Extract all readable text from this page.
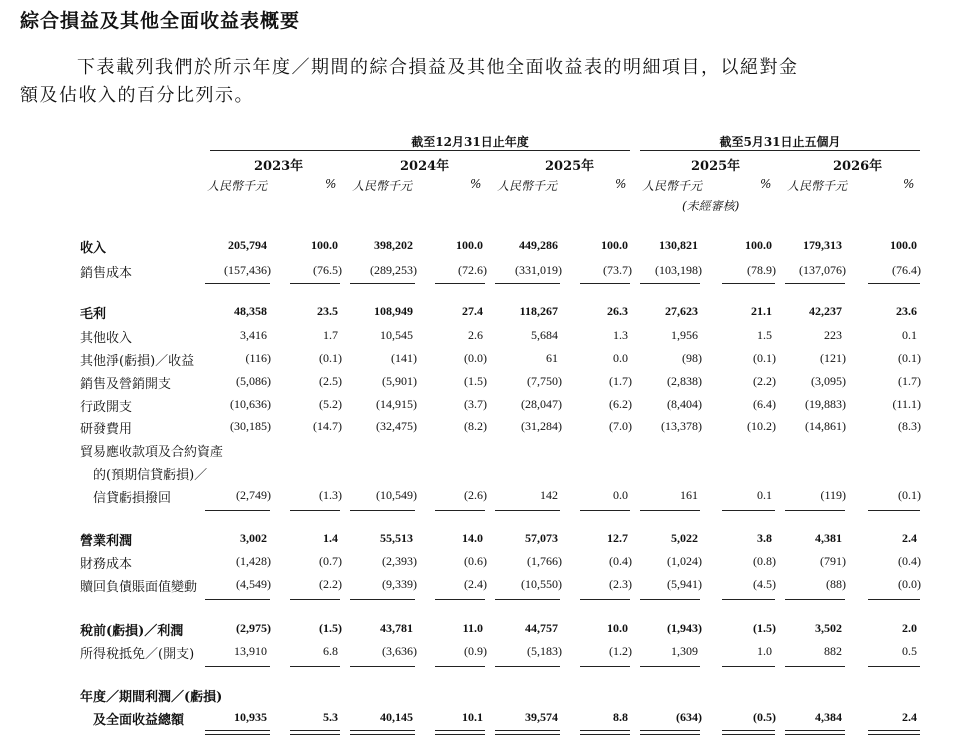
綜合損益及其他全面收益表概要
下表載列我們於所示年度／期間的綜合損益及其他全面收益表的明細項目，以絕對金
額及佔收入的百分比列示。
截至12月31日止年度	截至5月31日止五個月
2023年	2024年	2025年	2025年	2026年
人民幣千元	% 人民幣千元	% 人民幣千元	% 人民幣千元	% 人民幣千元	%
(未經審核)
收入	205,794	100.0	398,202	100.0	449,286	100.0	130,821	100.0	179,313	100.0
銷售成本	(157,436)	(76.5) (289,253)	(72.6) (331,019)	(73.7) (103,198)	(78.9) (137,076)	(76.4)
毛利	48,358	23.5	108,949	27.4	118,267	26.3	27,623	21.1	42,237	23.6
其他收入	3,416	1.7	10,545	2.6	5,684	1.3	1,956	1.5	223	0.1
其他淨(虧損)／收益	(116)	(0.1)	(141)	(0.0)	61	0.0	(98)	(0.1)	(121)	(0.1)
銷售及營銷開支	(5,086)	(2.5)	(5,901)	(1.5)	(7,750)	(1.7)	(2,838)	(2.2)	(3,095)	(1.7)
行政開支	(10,636)	(5.2)	(14,915)	(3.7)	(28,047)	(6.2)	(8,404)	(6.4) (19,883)	(11.1)
研發費用	(30,185)	(14.7)	(32,475)	(8.2)	(31,284)	(7.0) (13,378)	(10.2) (14,861)	(8.3)
貿易應收款項及合約資產
　的(預期信貸虧損)／
　信貸虧損撥回	(2,749)	(1.3)	(10,549)	(2.6)	142	0.0	161	0.1	(119)	(0.1)
營業利潤	3,002	1.4	55,513	14.0	57,073	12.7	5,022	3.8	4,381	2.4
財務成本	(1,428)	(0.7)	(2,393)	(0.6)	(1,766)	(0.4)	(1,024)	(0.8)	(791)	(0.4)
贖回負債賬面值變動	(4,549)	(2.2)	(9,339)	(2.4)	(10,550)	(2.3)	(5,941)	(4.5)	(88)	(0.0)
稅前(虧損)／利潤	(2,975)	(1.5)	43,781	11.0	44,757	10.0	(1,943)	(1.5)	3,502	2.0
所得稅抵免／(開支)	13,910	6.8	(3,636)	(0.9)	(5,183)	(1.2)	1,309	1.0	882	0.5
年度／期間利潤／(虧損)
　及全面收益總額	10,935	5.3	40,145	10.1	39,574	8.8	(634)	(0.5)	4,384	2.4
